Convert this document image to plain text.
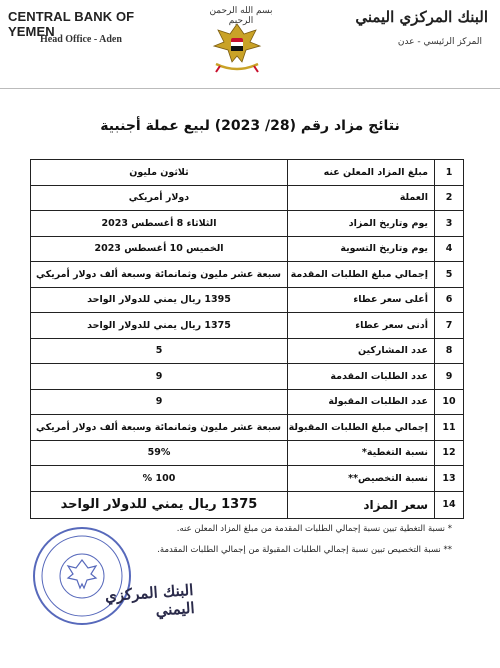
CENTRAL BANK OF YEMEN
Head Office - Aden
البنك المركزي اليمني
المركز الرئيسي - عدن
بسم الله الرحمن الرحيم
نتائج مزاد رقم (28/ 2023) لبيع عملة أجنبية
1	مبلغ المزاد المعلن عنه	ثلاثون مليون
2	العملة	دولار أمريكي
3	يوم وتاريخ المزاد	الثلاثاء 8 أغسطس 2023
4	يوم وتاريخ التسوية	الخميس 10 أغسطس 2023
5	إجمالي مبلغ الطلبات المقدمة	سبعة عشر مليون وثمانمائة وسبعة ألف دولار أمريكي
6	أعلى سعر عطاء	1395 ريال يمني للدولار الواحد
7	أدنى سعر عطاء	1375 ريال يمني للدولار الواحد
8	عدد المشاركين	5
9	عدد الطلبات المقدمة	9
10	عدد الطلبات المقبولة	9
11	إجمالي مبلغ الطلبات المقبولة	سبعة عشر مليون وثمانمائة وسبعة ألف دولار أمريكي
12	نسبة التغطية*	59%
13	نسبة التخصيص**	100 %
14	سعر المزاد	1375 ريال يمني للدولار الواحد
* نسبة التغطية تبين نسبة إجمالي الطلبات المقدمة من مبلغ المزاد المعلن عنه.
** نسبة التخصيص تبين نسبة إجمالي الطلبات المقبولة من إجمالي الطلبات المقدمة.
البنك المركزي اليمني
